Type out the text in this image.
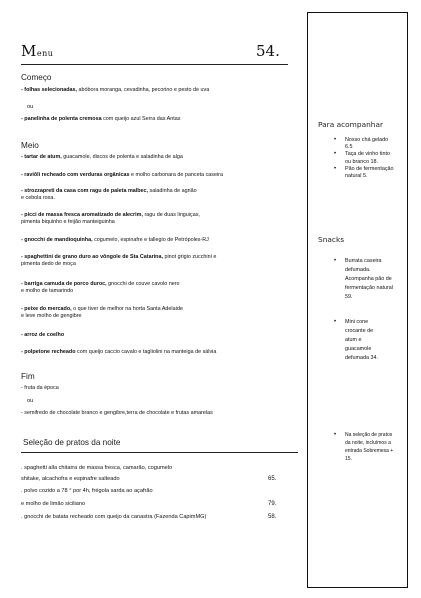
Menu	54.
Começo
- folhas selecionadas, abóbora moranga, cevadinha, pecorino e pesto de uva
ou
- panelinha de polenta cremosa com queijo azul Serra das Antas
Meio
- tartar de atum, guacamole, discos de polenta e saladinha de alga
- raviôli recheado com verduras orgânicas e molho carbonara de panceta caseira
- strozzapreti da casa com ragu de paleta malbec, saladinha de agrião
e cebola roxa.
- picci de massa fresca aromatizado de alecrim, ragu de duas linguiças,
pimenta biquinho e feijão manteiguinha
- gnocchi de mandioquinha, cogumelo, espinafre e tallegio de Petrópoles-RJ
- spaghettini de grano duro ao vôngole de Sta Catarina, pinot grigio zucchini e
pimenta dedo de moça
- barriga camuda de porco duroc, gnocchi de couve cavolo nero
e molho de tamarindo
- peixe do mercado, o que tiver de melhor na horta Santa Adelaide
e leve molho de gengibre
- arroz de coelho
- polpetone recheado com queijo caccio cavalo e tagliolini na manteiga de sálvia
Fim
- fruta da época
ou
- semifredo de chocolate branco e gengibre,terra de chocolate e frutas amarelas
Seleção de pratos da noite
. spaghetti alla chitarra de massa fresca, camarão, cogumelo
shitake, alcachofra e espinafre salteado	65.
. polvo cozido a 78 ° por 4h, frégola sarda ao açafrão
e molho de limão siciliano	79.
. gnocchi de batata recheado com queijo da canastra (Fazenda CapimMG)	58.
Para acompanhar
• Nosso chá gelado 6.5
• Taça de vinho tinto ou branco 18.
• Pão de fermentação natural 5.
Snacks
• Burrata caseira defumada. Acompanha pão de fermentação natural 59.
• Mini cone crocante de atum e guacamole defumada 34.
• Na seleção de pratos da noite, incluímos a entrada Sobremesa + 15.
